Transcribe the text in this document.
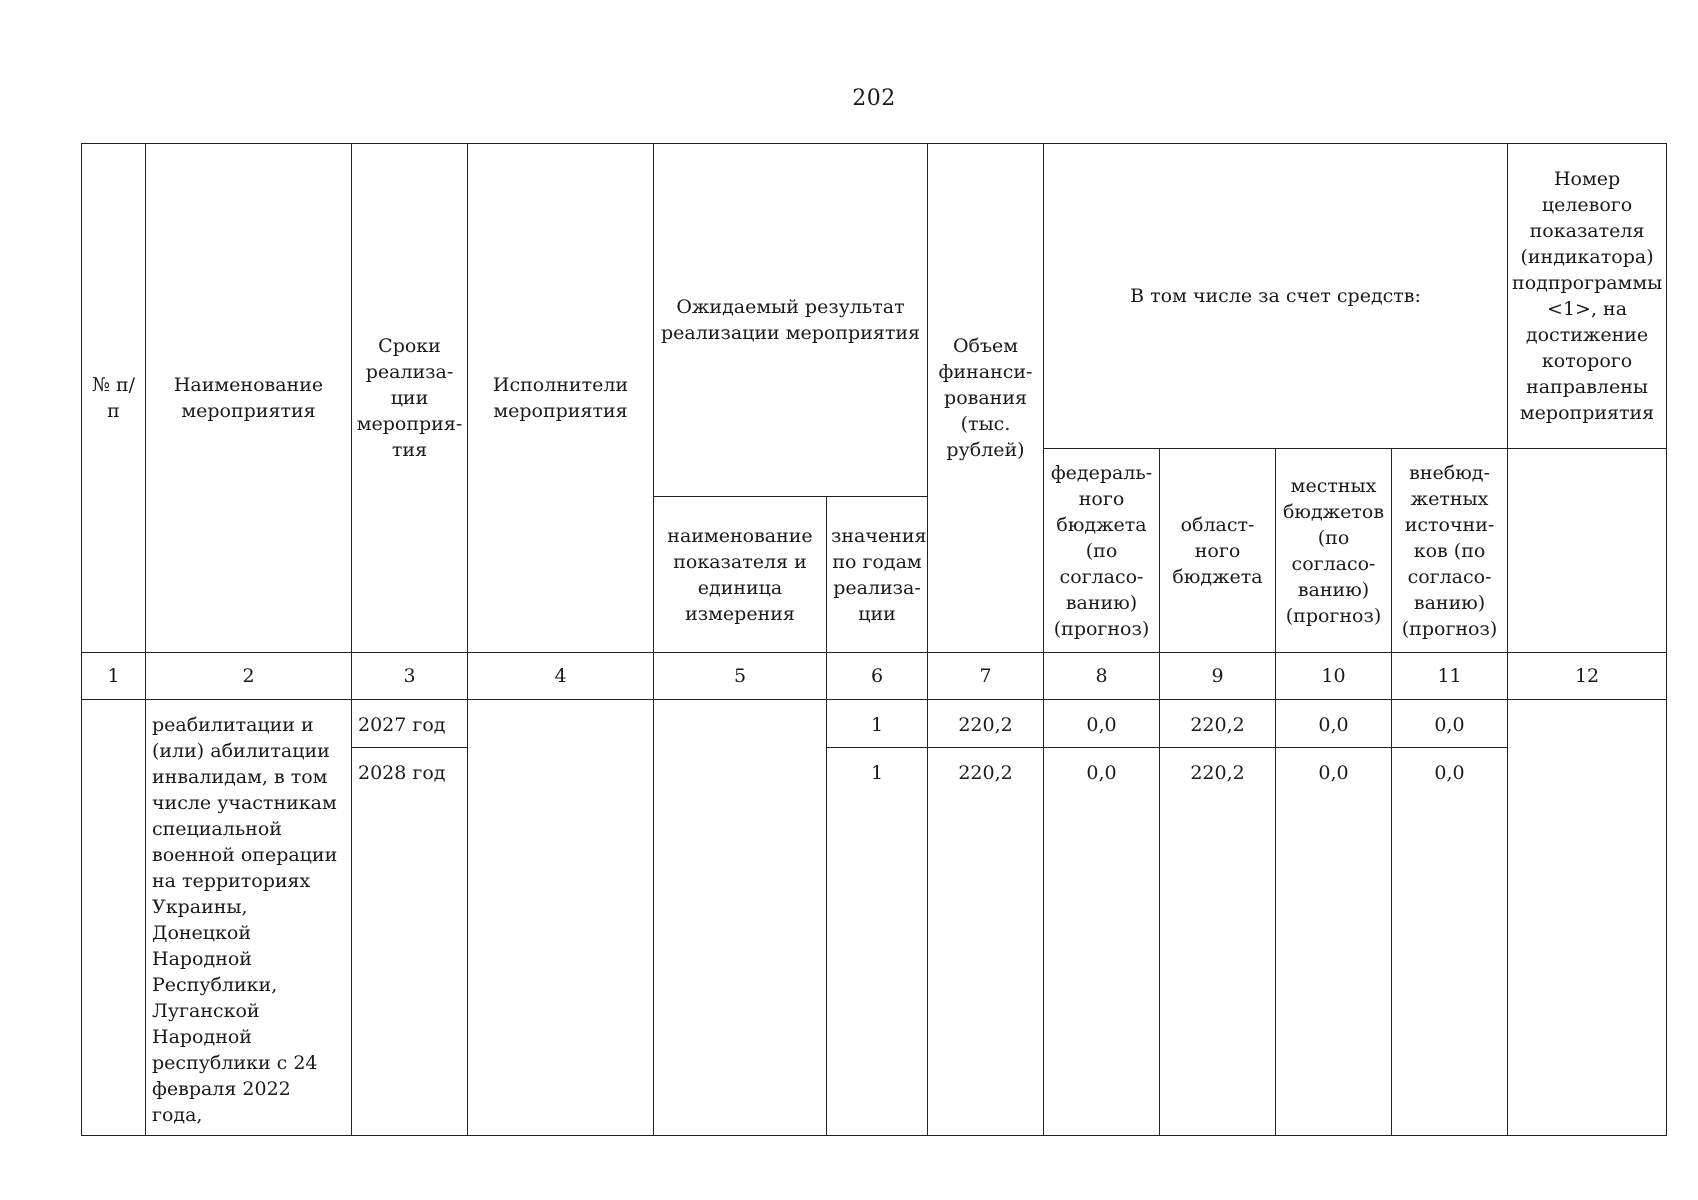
202
№ п/п	Наименование мероприятия	Сроки реализа-ции мероприя-тия	Исполнители мероприятия	Ожидаемый результат реализации мероприятия		Объем финанси-рования (тыс. рублей)	В том числе за счет средств:				Номер целевого показателя (индикатора) подпрограммы <1>, на достижение которого направлены мероприятия
							федераль-ного бюджета (по согласо-ванию) (прогноз)	област-ного бюджета	местных бюджетов (по согласо-ванию) (прогноз)	внебюд-жетных источни-ков (по согласо-ванию) (прогноз)	
				наименование показателя и единица измерения	значения по годам реализа-ции						
1	2	3	4	5	6	7	8	9	10	11	12
	реабилитации и (или) абилитации инвалидам, в том числе участникам специальной военной операции на территориях Украины, Донецкой Народной Республики, Луганской Народной республики с 24 февраля 2022 года,	2027 год			1	220,2	0,0	220,2	0,0	0,0	
		2028 год			1	220,2	0,0	220,2	0,0	0,0	
